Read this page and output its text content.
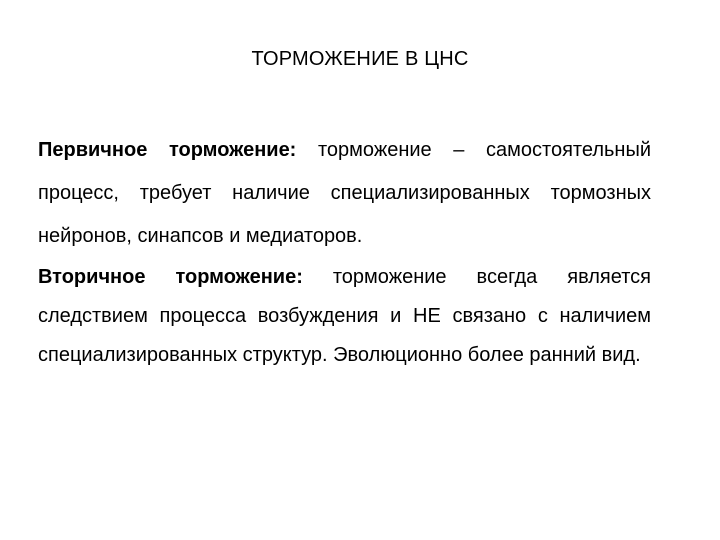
ТОРМОЖЕНИЕ В ЦНС

Первичное торможение: торможение – самостоятельный процесс, требует наличие специализированных тормозных нейронов, синапсов и медиаторов.

Вторичное торможение: торможение всегда является следствием процесса возбуждения и НЕ связано с наличием специализированных структур. Эволюционно более ранний вид.
